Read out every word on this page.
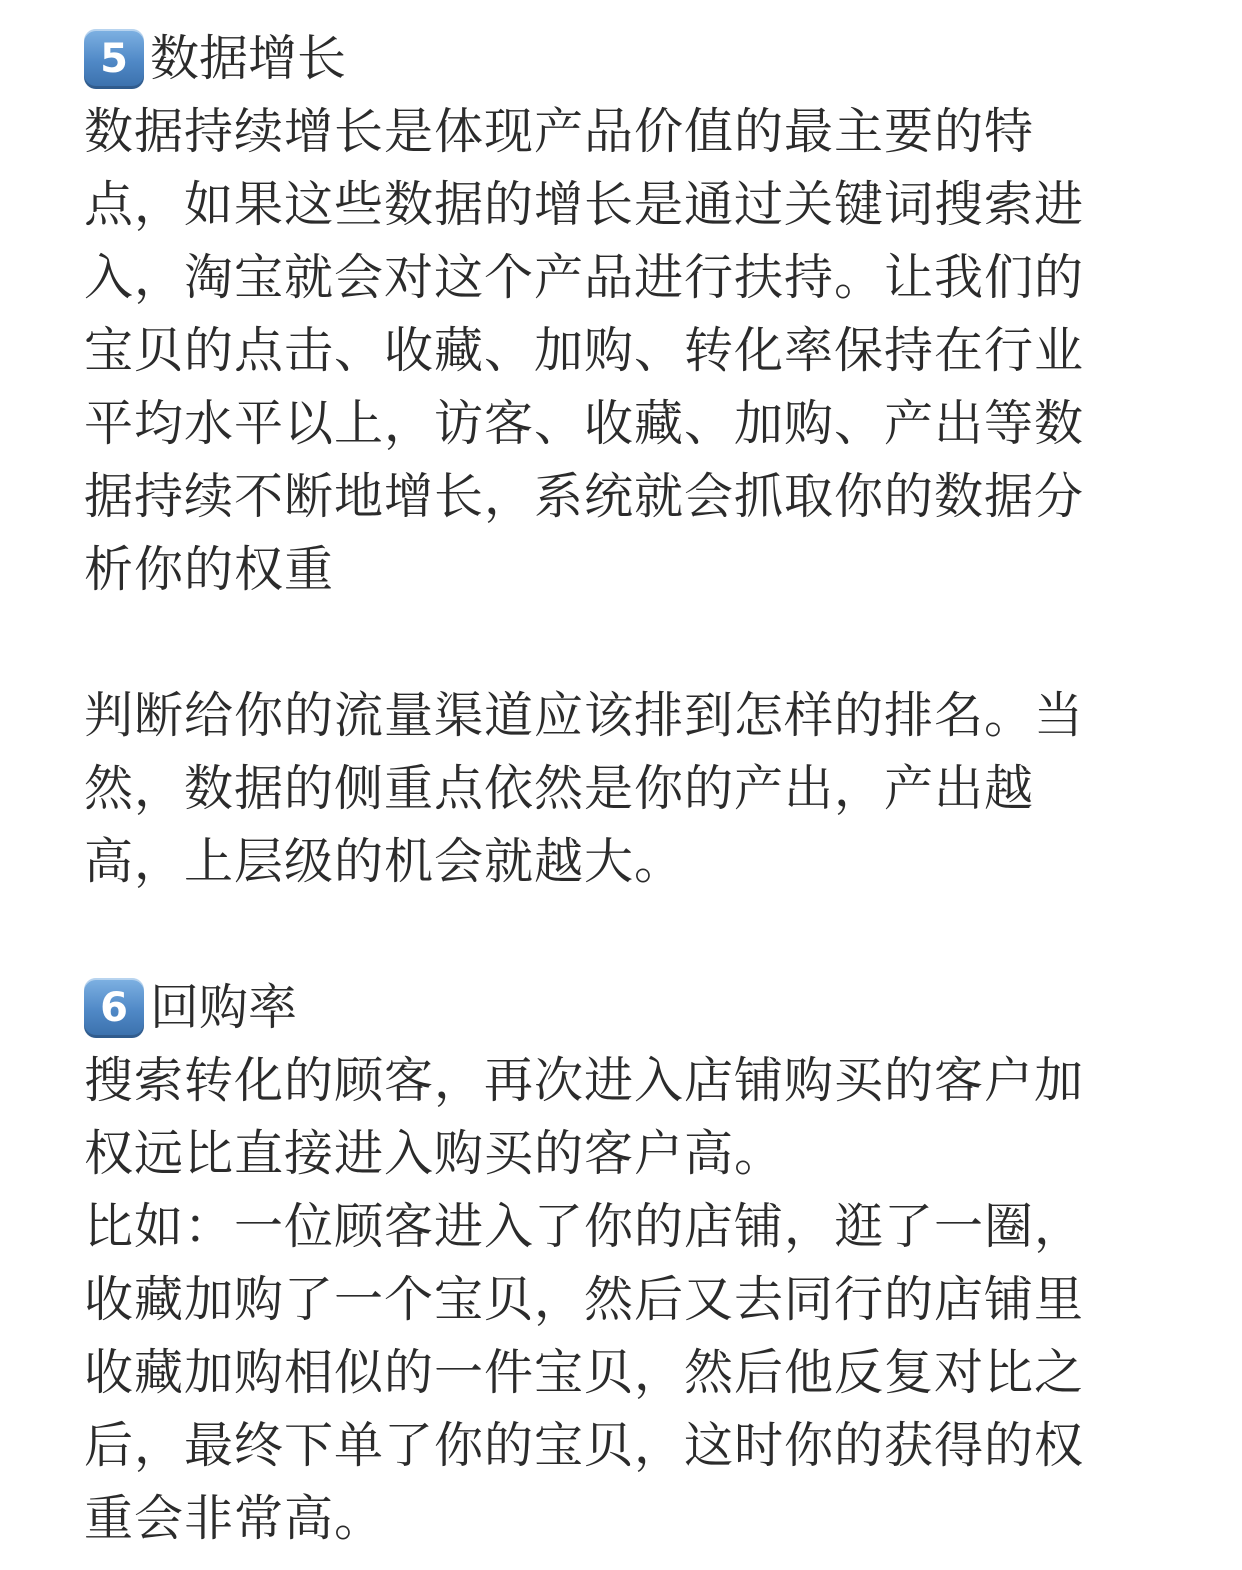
5 数据增长
数据持续增长是体现产品价值的最主要的特
点，如果这些数据的增长是通过关键词搜索进
入，淘宝就会对这个产品进行扶持。让我们的
宝贝的点击、收藏、加购、转化率保持在行业
平均水平以上，访客、收藏、加购、产出等数
据持续不断地增长，系统就会抓取你的数据分
析你的权重
判断给你的流量渠道应该排到怎样的排名。当
然，数据的侧重点依然是你的产出，产出越
高，上层级的机会就越大。
6 回购率
搜索转化的顾客，再次进入店铺购买的客户加
权远比直接进入购买的客户高。
比如：一位顾客进入了你的店铺，逛了一圈，
收藏加购了一个宝贝，然后又去同行的店铺里
收藏加购相似的一件宝贝，然后他反复对比之
后，最终下单了你的宝贝，这时你的获得的权
重会非常高。
